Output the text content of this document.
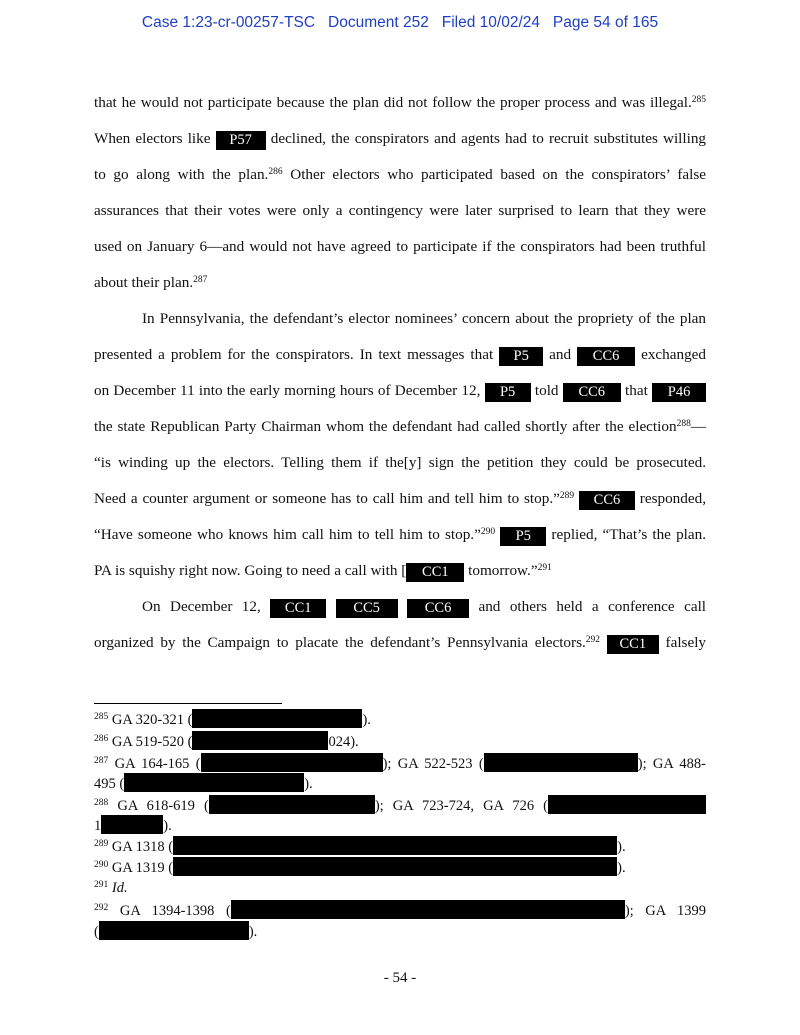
Case 1:23-cr-00257-TSC Document 252 Filed 10/02/24 Page 54 of 165
that he would not participate because the plan did not follow the proper process and was illegal.$^{285}$
When electors like P57 declined, the conspirators and agents had to recruit substitutes willing
to go along with the plan.$^{286}$ Other electors who participated based on the conspirators’ false
assurances that their votes were only a contingency were later surprised to learn that they were
used on January 6—and would not have agreed to participate if the conspirators had been truthful
about their plan.$^{287}$
In Pennsylvania, the defendant’s elector nominees’ concern about the propriety of the plan
presented a problem for the conspirators. In text messages that P5 and CC6 exchanged
on December 11 into the early morning hours of December 12, P5 told CC6 that P46
the state Republican Party Chairman whom the defendant had called shortly after the election$^{288}$—
“is winding up the electors. Telling them if the[y] sign the petition they could be prosecuted.
Need a counter argument or someone has to call him and tell him to stop.”$^{289}$ CC6 responded,
“Have someone who knows him call him to tell him to stop.”$^{290}$ P5 replied, “That’s the plan.
PA is squishy right now. Going to need a call with [ CC1 tomorrow.”$^{291}$
On December 12, CC1	CC5	CC6 and others held a conference call
organized by the Campaign to placate the defendant’s Pennsylvania electors.$^{292}$ CC1 falsely
$^{285}$ GA 320-321 (	).
$^{286}$ GA 519-520 (	024).
$^{287}$ GA 164-165 (	); GA 522-523 (	); GA 488-
495 (	).
$^{288}$ GA 618-619 (	); GA 723-724, GA 726 (
1	).
$^{289}$ GA 1318 (	).
$^{290}$ GA 1319 (	).
$^{291}$ Id.
$^{292}$ GA 1394-1398 (	); GA 1399
(	).
- 54 -
